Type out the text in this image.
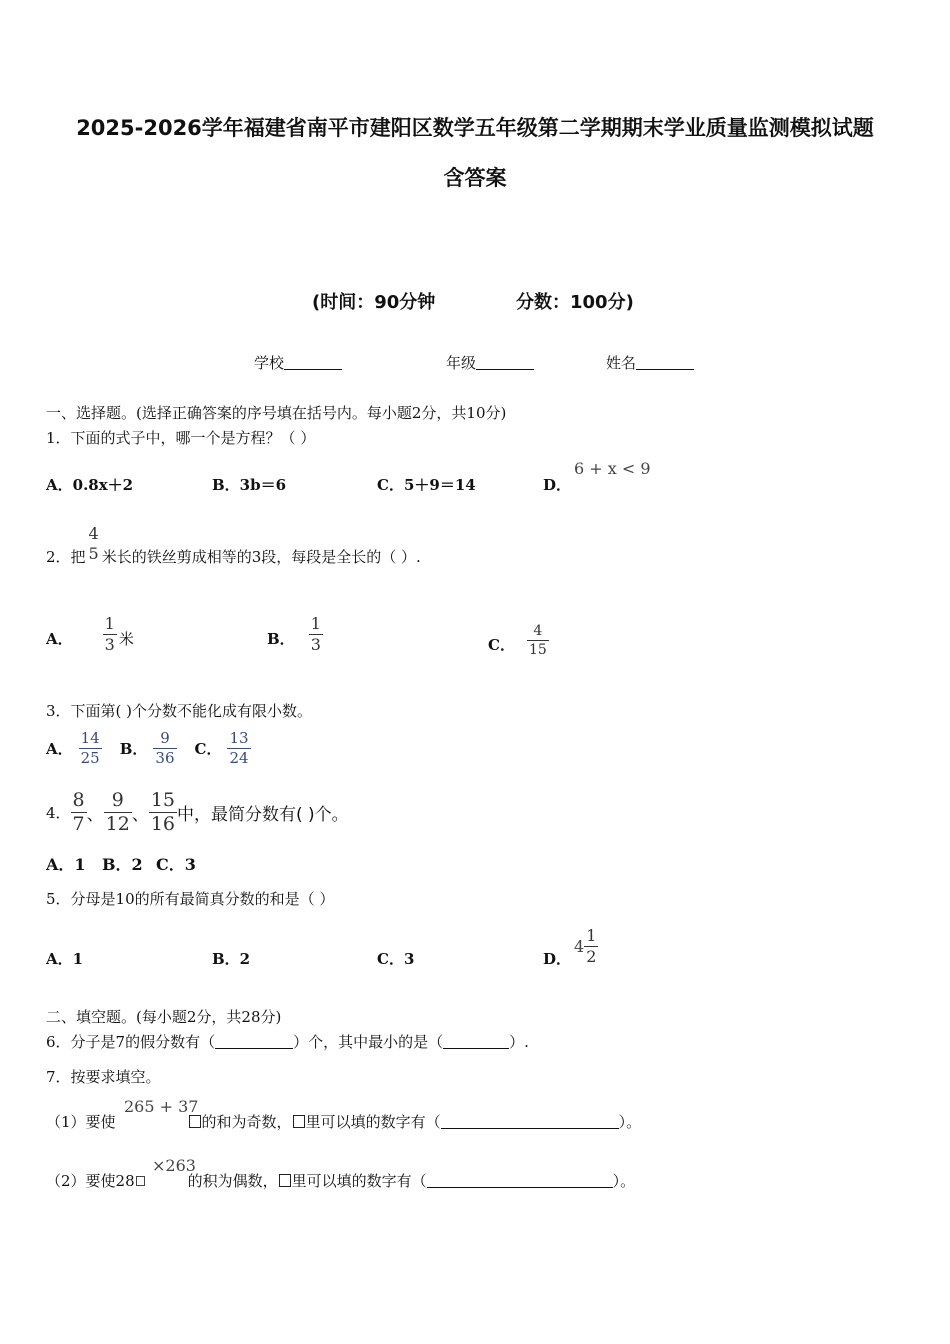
2025-2026学年福建省南平市建阳区数学五年级第二学期期末学业质量监测模拟试题
含答案
(时间：90分钟	分数：100分)
学校	年级	姓名
一、选择题。(选择正确答案的序号填在括号内。每小题2分，共10分)
1．下面的式子中，哪一个是方程？（ ）
A．0.8x＋2	B．3b＝6	C．5＋9＝14	D．
6 + x < 9
2．把
4
5 米长的铁丝剪成相等的3段，每段是全长的（ ）.
A． $\frac{1}{3}$ 米	B． $\frac{1}{3}$	C． $\frac{4}{15}$
3．下面第( )个分数不能化成有限小数。
A． $\frac{14}{25}$ B． $\frac{9}{36}$ C． $\frac{13}{24}$
4． $\frac{8}{7}$ 、 $\frac{9}{12}$ 、 $\frac{15}{16}$ 中，最简分数有( )个。
A．1 B．2 C．3
5．分母是10的所有最简真分数的和是（ ）
A．1	B．2	C．3	D．
$4 \frac{1}{2}$
二、填空题。(每小题2分，共28分)
6．分子是7的假分数有（	）个，其中最小的是（	）.
7．按要求填空。
（1）要使	的和为奇数， 里可以填的数字有（	）。
265 + 37
（2）要使28	的积为偶数， 里可以填的数字有（	）。
×263
